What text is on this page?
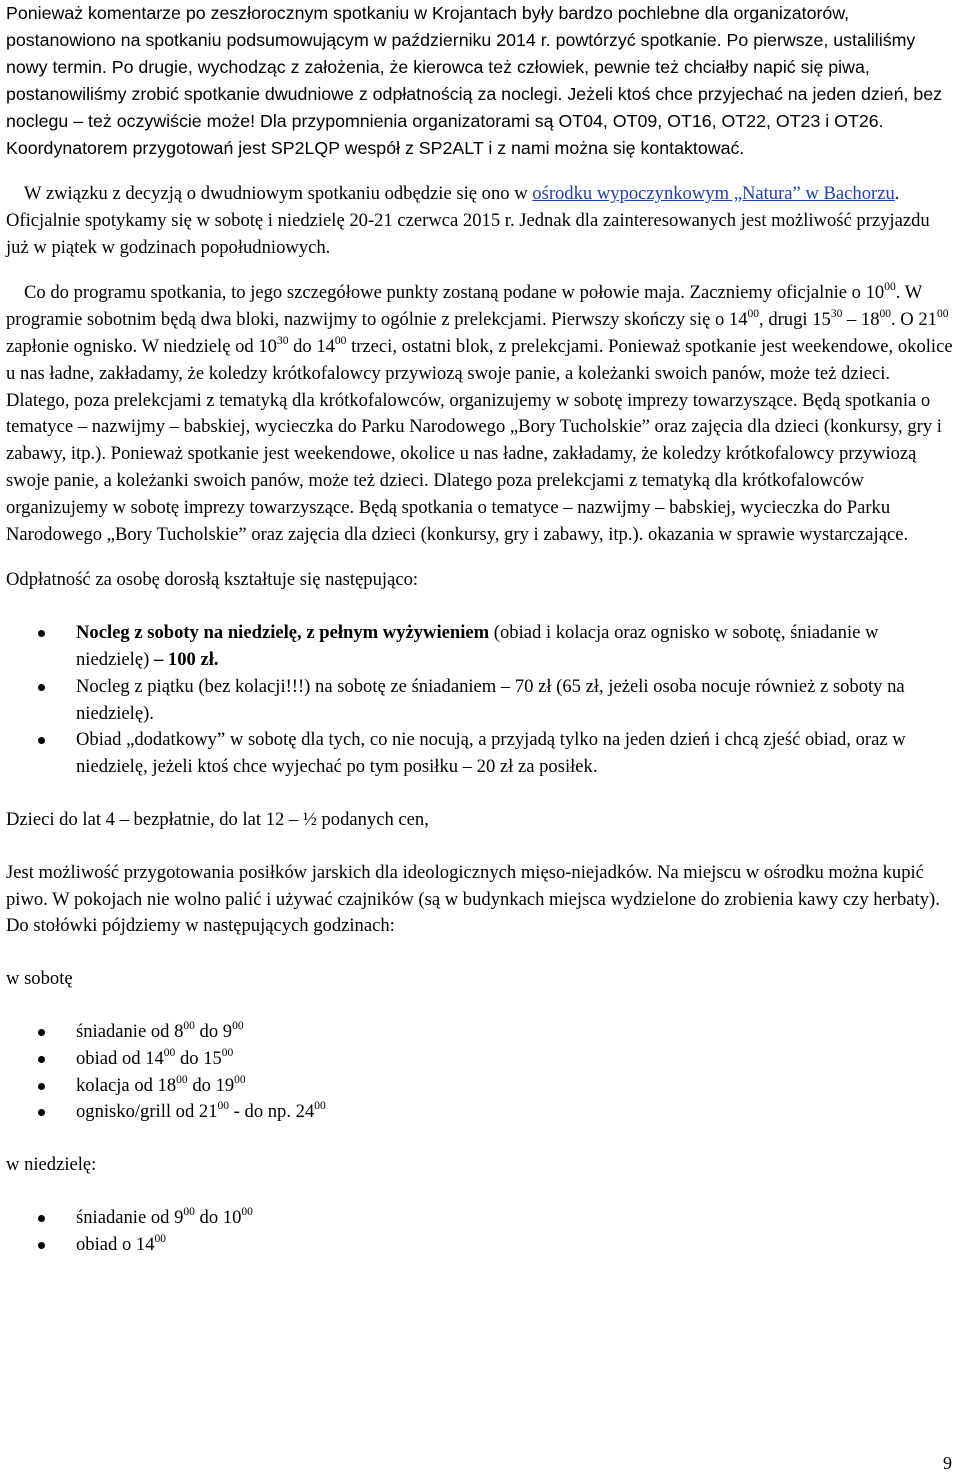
Ponieważ komentarze po zeszłorocznym spotkaniu w Krojantach były bardzo pochlebne dla organizatorów, postanowiono na spotkaniu podsumowującym w październiku 2014 r. powtórzyć spotkanie. Po pierwsze, ustaliliśmy nowy termin. Po drugie, wychodząc z założenia, że kierowca też człowiek, pewnie też chciałby napić się piwa, postanowiliśmy zrobić spotkanie dwudniowe z odpłatnością za noclegi. Jeżeli ktoś chce przyjechać na jeden dzień, bez noclegu – też oczywiście może! Dla przypomnienia organizatorami są OT04, OT09, OT16, OT22, OT23 i OT26. Koordynatorem przygotowań jest SP2LQP wespół z SP2ALT i z nami można się kontaktować.

W związku z decyzją o dwudniowym spotkaniu odbędzie się ono w ośrodku wypoczynkowym „Natura” w Bachorzu. Oficjalnie spotykamy się w sobotę i niedzielę 20-21 czerwca 2015 r. Jednak dla zainteresowanych jest możliwość przyjazdu już w piątek w godzinach popołudniowych.

Co do programu spotkania, to jego szczegółowe punkty zostaną podane w połowie maja. Zaczniemy oficjalnie o $10^{00}$. W programie sobotnim będą dwa bloki, nazwijmy to ogólnie z prelekcjami. Pierwszy skończy się o $14^{00}$, drugi $15^{30} - 18^{00}$. O $21^{00}$ zapłonie ognisko. W niedzielę od $10^{30}$ do $14^{00}$ trzeci, ostatni blok, z prelekcjami. Ponieważ spotkanie jest weekendowe, okolice u nas ładne, zakładamy, że koledzy krótkofalowcy przywiozą swoje panie, a koleżanki swoich panów, może też dzieci. Dlatego, poza prelekcjami z tematyką dla krótkofalowców, organizujemy w sobotę imprezy towarzyszące. Będą spotkania o tematyce – nazwijmy – babskiej, wycieczka do Parku Narodowego „Bory Tucholskie” oraz zajęcia dla dzieci (konkursy, gry i zabawy, itp.). Ponieważ spotkanie jest weekendowe, okolice u nas ładne, zakładamy, że koledzy krótkofalowcy przywiozą swoje panie, a koleżanki swoich panów, może też dzieci. Dlatego poza prelekcjami z tematyką dla krótkofalowców organizujemy w sobotę imprezy towarzyszące. Będą spotkania o tematyce – nazwijmy – babskiej, wycieczka do Parku Narodowego „Bory Tucholskie” oraz zajęcia dla dzieci (konkursy, gry i zabawy, itp.). okazania w sprawie wystarczające.

Odpłatność za osobę dorosłą kształtuje się następująco:

Nocleg z soboty na niedzielę, z pełnym wyżywieniem (obiad i kolacja oraz ognisko w sobotę, śniadanie w niedzielę) – 100 zł.
Nocleg z piątku (bez kolacji!!!) na sobotę ze śniadaniem – 70 zł (65 zł, jeżeli osoba nocuje również z soboty na niedzielę).
Obiad „dodatkowy” w sobotę dla tych, co nie nocują, a przyjadą tylko na jeden dzień i chcą zjeść obiad, oraz w niedzielę, jeżeli ktoś chce wyjechać po tym posiłku – 20 zł za posiłek.

Dzieci do lat 4 – bezpłatnie, do lat 12 – ½ podanych cen,

Jest możliwość przygotowania posiłków jarskich dla ideologicznych mięso-niejadków. Na miejscu w ośrodku można kupić piwo. W pokojach nie wolno palić i używać czajników (są w budynkach miejsca wydzielone do zrobienia kawy czy herbaty). Do stołówki pójdziemy w następujących godzinach:

w sobotę

śniadanie od $8^{00}$ do $9^{00}$
obiad od $14^{00}$ do $15^{00}$
kolacja od $18^{00}$ do $19^{00}$
ognisko/grill od $21^{00}$ - do np. $24^{00}$

w niedzielę:

śniadanie od $9^{00}$ do $10^{00}$
obiad o $14^{00}$
9
